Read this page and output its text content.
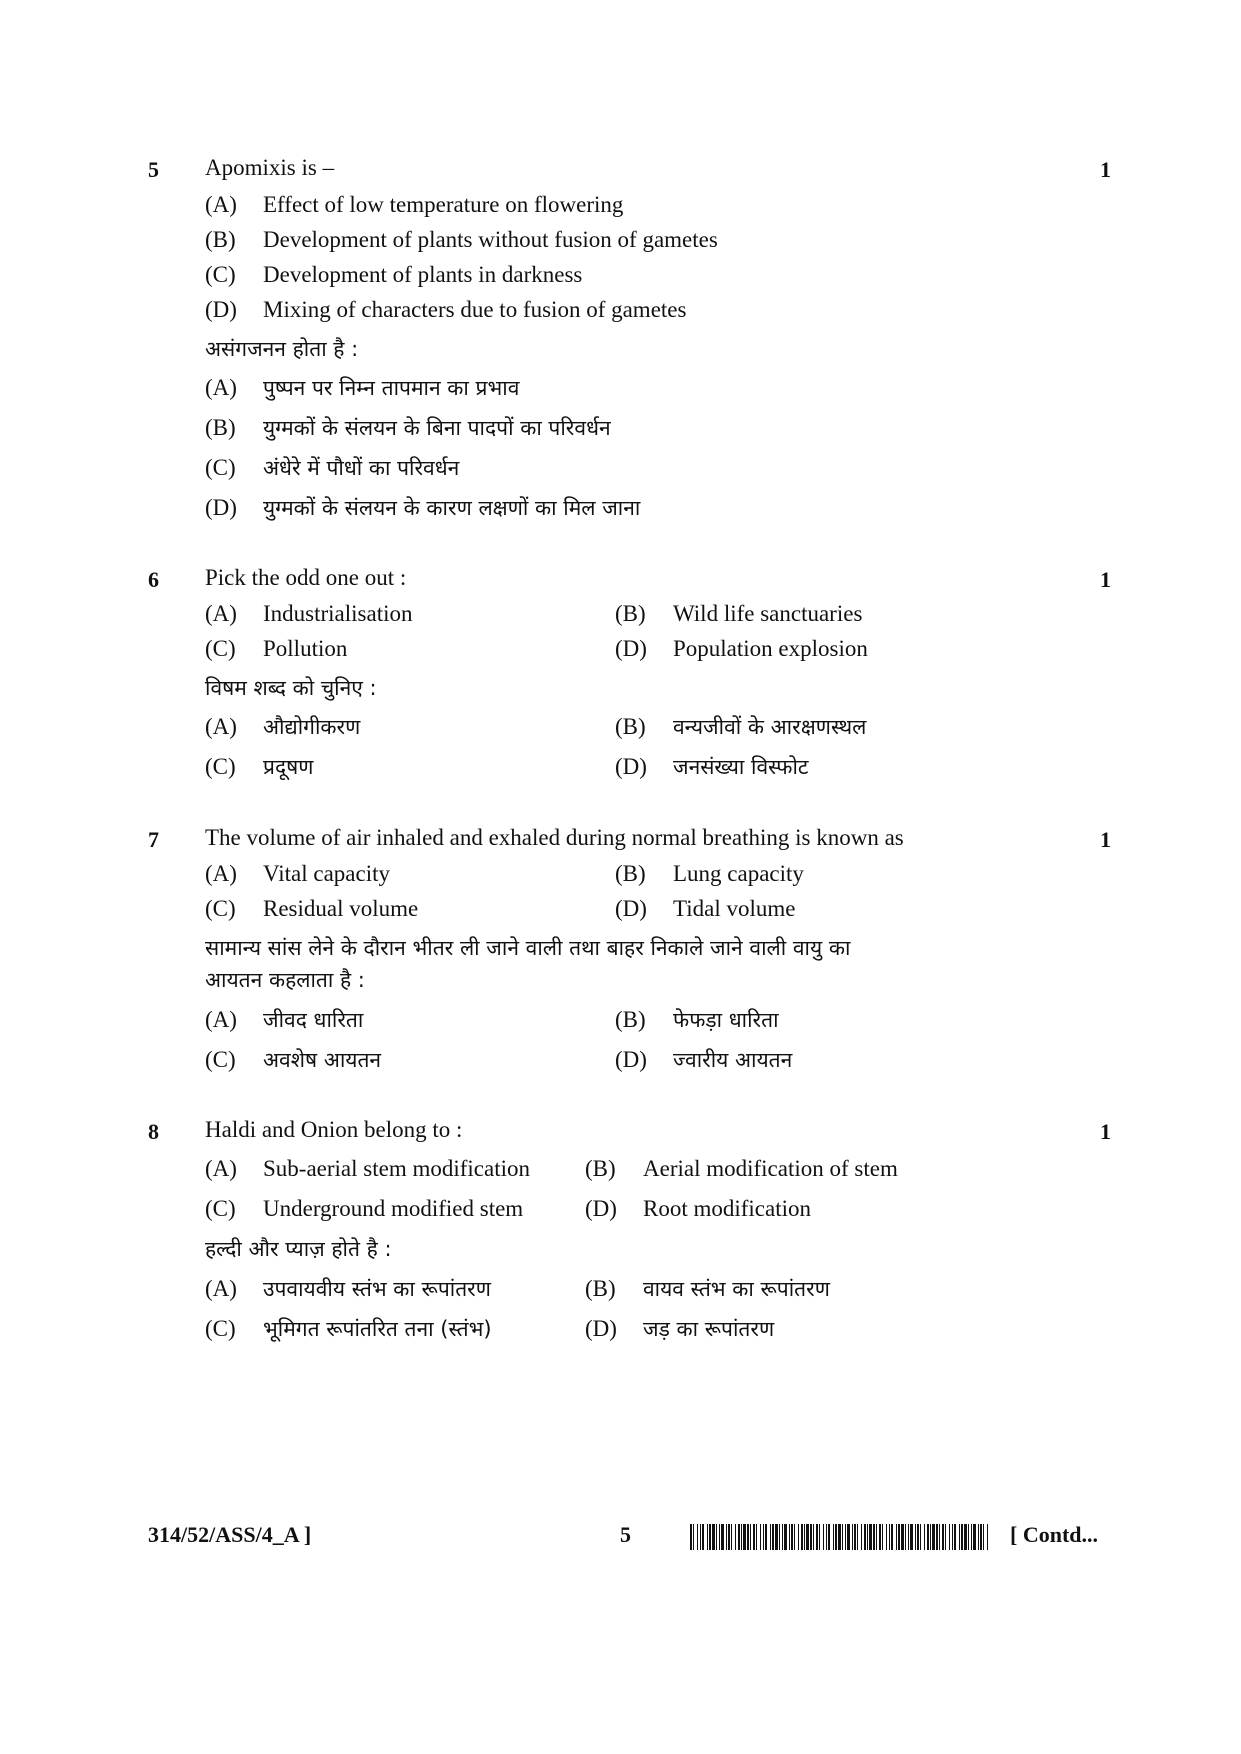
5	1
Apomixis is –
(A) Effect of low temperature on flowering
(B) Development of plants without fusion of gametes
(C) Development of plants in darkness
(D) Mixing of characters due to fusion of gametes
असंगजनन होता है :
(A) पुष्पन पर निम्न तापमान का प्रभाव
(B) युग्मकों के संलयन के बिना पादपों का परिवर्धन
(C) अंधेरे में पौधों का परिवर्धन
(D) युग्मकों के संलयन के कारण लक्षणों का मिल जाना
6	1
Pick the odd one out :
(A) Industrialisation	(B) Wild life sanctuaries
(C) Pollution	(D) Population explosion
विषम शब्द को चुनिए :
(A) औद्योगीकरण	(B) वन्यजीवों के आरक्षणस्थल
(C) प्रदूषण	(D) जनसंख्या विस्फोट
7	1
The volume of air inhaled and exhaled during normal breathing is known as
(A) Vital capacity	(B) Lung capacity
(C) Residual volume	(D) Tidal volume
सामान्य सांस लेने के दौरान भीतर ली जाने वाली तथा बाहर निकाले जाने वाली वायु का
आयतन कहलाता है :
(A) जीवद धारिता	(B) फेफड़ा धारिता
(C) अवशेष आयतन	(D) ज्वारीय आयतन
8	1
Haldi and Onion belong to :
(A) Sub-aerial stem modification (B) Aerial modification of stem
(C) Underground modified stem	(D) Root modification
हल्दी और प्याज़ होते है :
(A) उपवायवीय स्तंभ का रूपांतरण	(B) वायव स्तंभ का रूपांतरण
(C) भूमिगत रूपांतरित तना (स्तंभ)	(D) जड़ का रूपांतरण
314/52/ASS/4_A ]	5	[ Contd...
